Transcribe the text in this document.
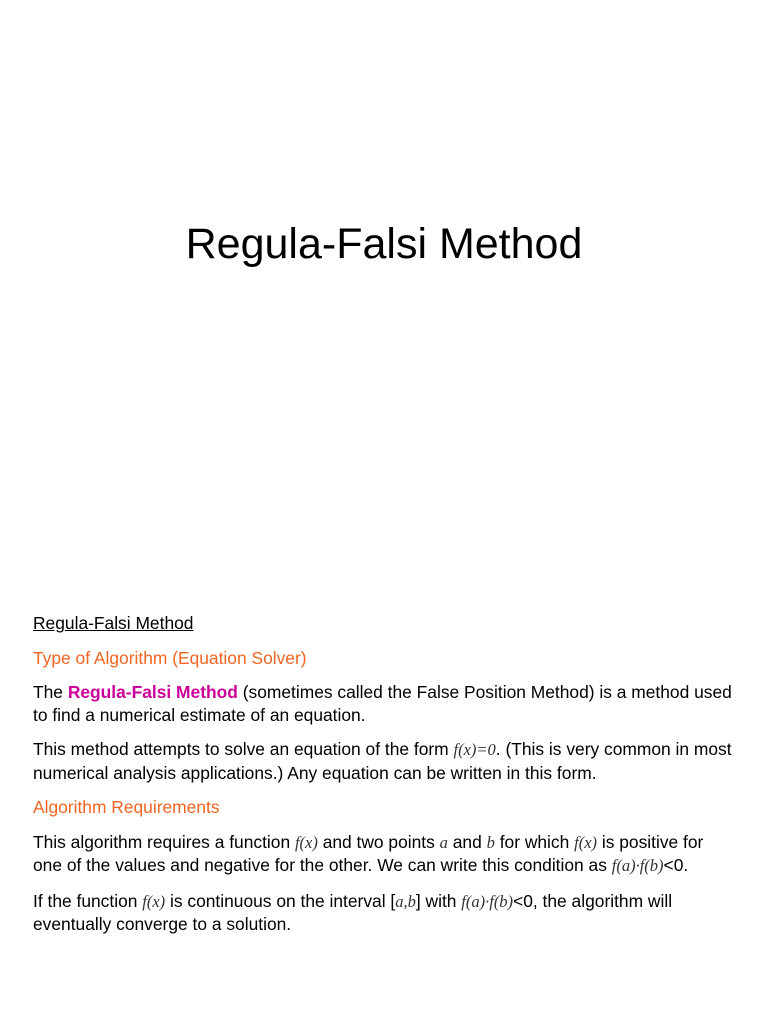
Regula-Falsi Method

Regula-Falsi Method

Type of Algorithm (Equation Solver)

The Regula-Falsi Method (sometimes called the False Position Method) is a method used to find a numerical estimate of an equation.

This method attempts to solve an equation of the form f(x)=0. (This is very common in most numerical analysis applications.) Any equation can be written in this form.

Algorithm Requirements

This algorithm requires a function f(x) and two points a and b for which f(x) is positive for one of the values and negative for the other. We can write this condition as f(a)·f(b)<0.

If the function f(x) is continuous on the interval [a,b] with f(a)·f(b)<0, the algorithm will eventually converge to a solution.
